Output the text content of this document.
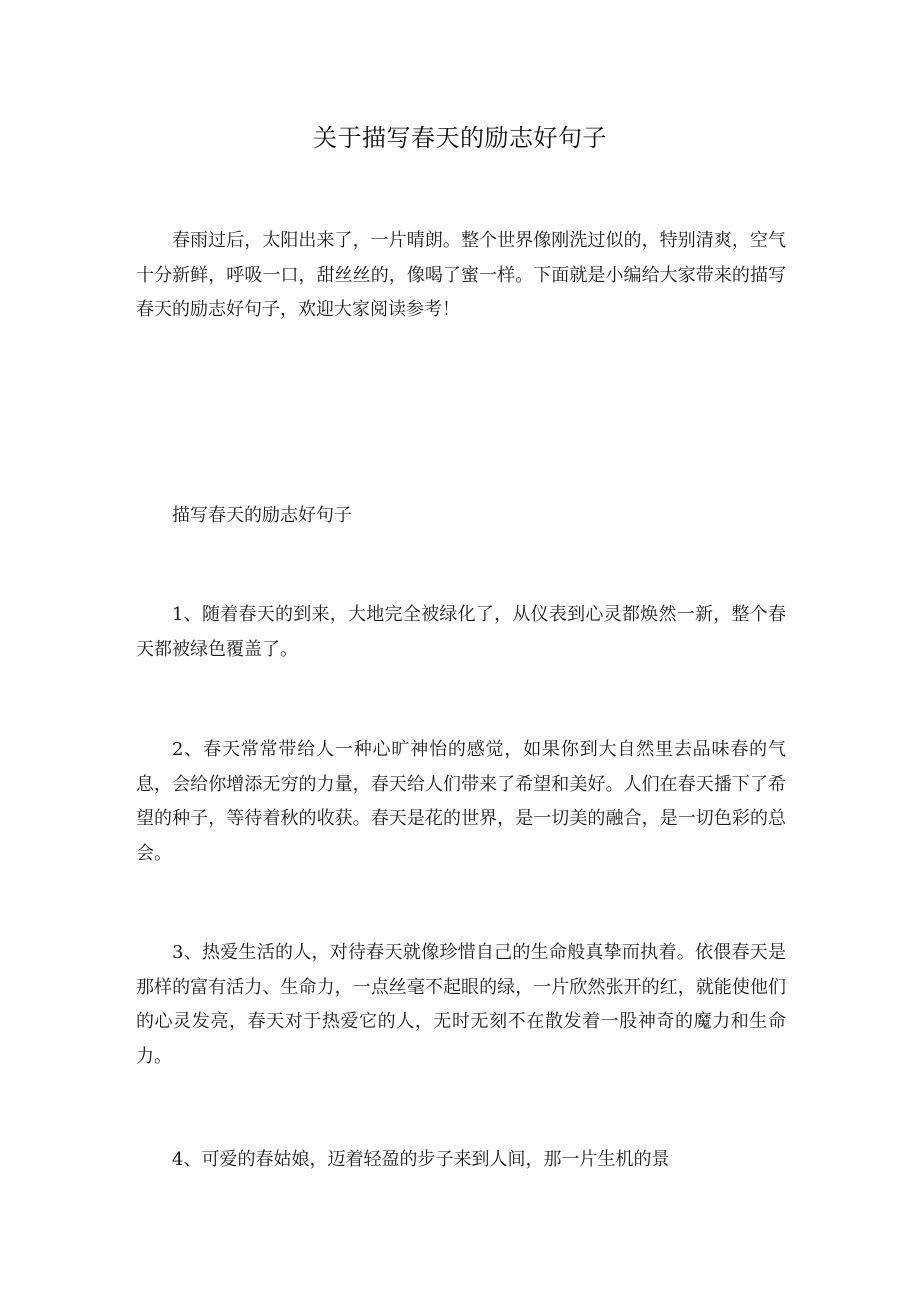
关于描写春天的励志好句子

春雨过后，太阳出来了，一片晴朗。整个世界像刚洗过似的，特别清爽，空气十分新鲜，呼吸一口，甜丝丝的，像喝了蜜一样。下面就是小编给大家带来的描写春天的励志好句子，欢迎大家阅读参考！

描写春天的励志好句子

1、随着春天的到来，大地完全被绿化了，从仪表到心灵都焕然一新，整个春天都被绿色覆盖了。

2、春天常常带给人一种心旷神怡的感觉，如果你到大自然里去品味春的气息，会给你增添无穷的力量，春天给人们带来了希望和美好。人们在春天播下了希望的种子，等待着秋的收获。春天是花的世界，是一切美的融合，是一切色彩的总会。

3、热爱生活的人，对待春天就像珍惜自己的生命般真挚而执着。依偎春天是那样的富有活力、生命力，一点丝毫不起眼的绿，一片欣然张开的红，就能使他们的心灵发亮，春天对于热爱它的人，无时无刻不在散发着一股神奇的魔力和生命力。

4、可爱的春姑娘，迈着轻盈的步子来到人间，那一片生机的景
